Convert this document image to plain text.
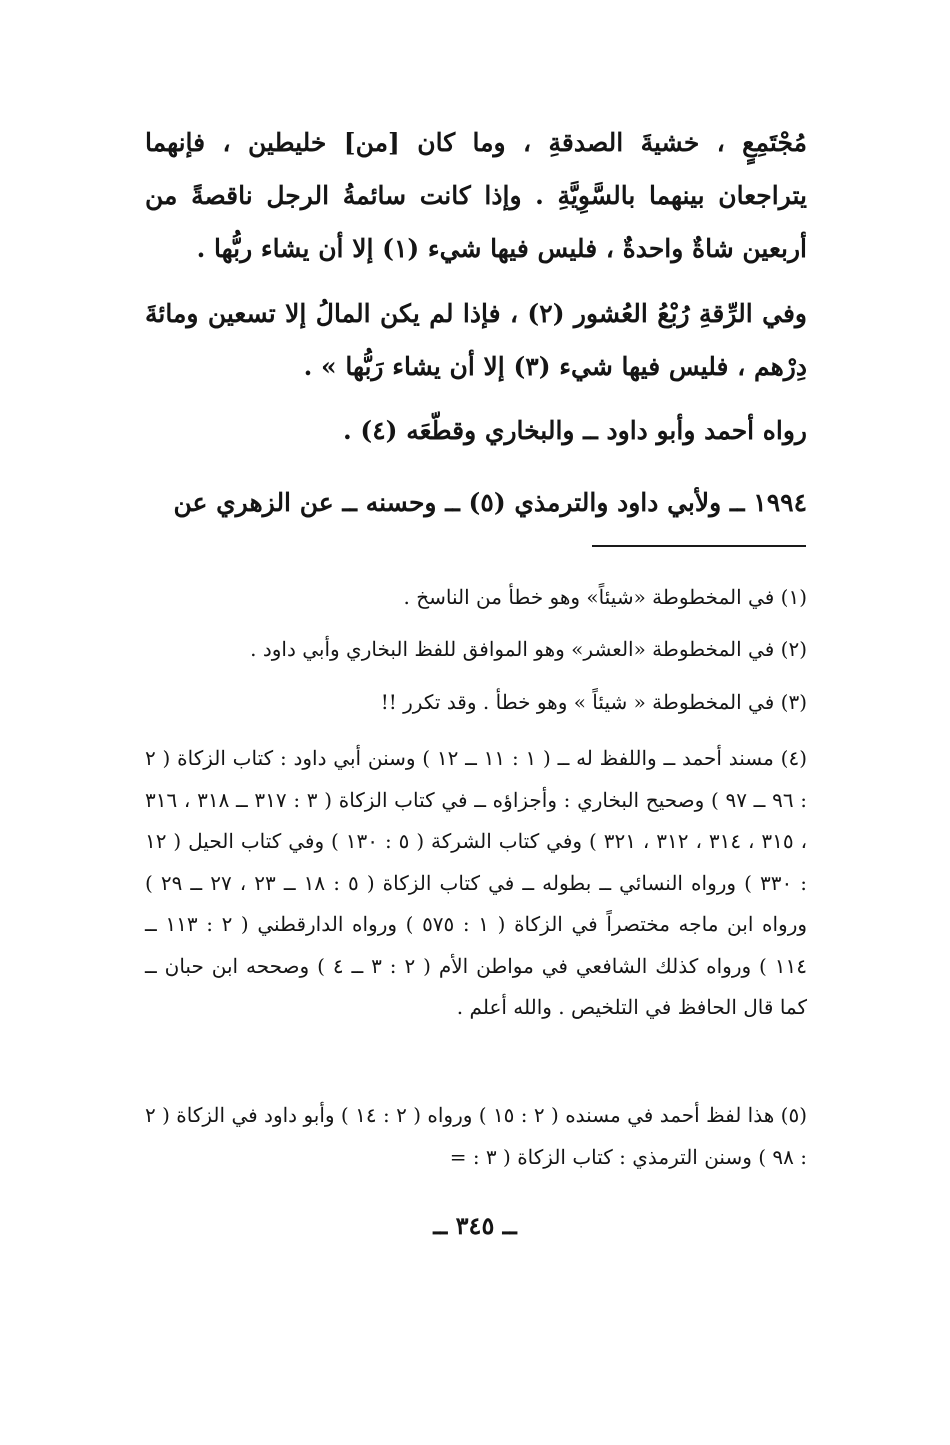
مُجْتَمِعٍ ، خشيةَ الصدقةِ ، وما كان [من] خليطين ، فإنهما يتراجعان بينهما بالسَّوِيَّةِ . وإذا كانت سائمةُ الرجل ناقصةً من أربعين شاةٌ واحدةٌ ، فليس فيها شيء (١) إلا أن يشاء ربُّها .

وفي الرِّقةِ رُبْعُ العُشور (٢) ، فإذا لم يكن المالُ إلا تسعين ومائةَ دِرْهم ، فليس فيها شيء (٣) إلا أن يشاء رَبُّها » .

رواه أحمد وأبو داود ــ والبخاري وقطّعَه (٤) .

١٩٩٤ ــ ولأبي داود والترمذي (٥) ــ وحسنه ــ عن الزهري عن

(١) في المخطوطة «شيئاً» وهو خطأ من الناسخ .

(٢) في المخطوطة «العشر» وهو الموافق للفظ البخاري وأبي داود .

(٣) في المخطوطة « شيئاً » وهو خطأ . وقد تكرر !!

(٤) مسند أحمد ــ واللفظ له ــ ( ١ : ١١ ــ ١٢ ) وسنن أبي داود : كتاب الزكاة ( ٢ : ٩٦ ــ ٩٧ ) وصحيح البخاري : وأجزاؤه ــ في كتاب الزكاة ( ٣ : ٣١٧ ــ ٣١٨ ، ٣١٦ ، ٣١٥ ، ٣١٤ ، ٣١٢ ، ٣٢١ ) وفي كتاب الشركة ( ٥ : ١٣٠ ) وفي كتاب الحيل ( ١٢ : ٣٣٠ ) ورواه النسائي ــ بطوله ــ في كتاب الزكاة ( ٥ : ١٨ ــ ٢٣ ، ٢٧ ــ ٢٩ ) ورواه ابن ماجه مختصراً في الزكاة ( ١ : ٥٧٥ ) ورواه الدارقطني ( ٢ : ١١٣ ــ ١١٤ ) ورواه كذلك الشافعي في مواطن الأم ( ٢ : ٣ ــ ٤ ) وصححه ابن حبان ــ كما قال الحافظ في التلخيص . والله أعلم .

(٥) هذا لفظ أحمد في مسنده ( ٢ : ١٥ ) ورواه ( ٢ : ١٤ ) وأبو داود في الزكاة ( ٢ : ٩٨ ) وسنن الترمذي : كتاب الزكاة ( ٣ : =

ــ ٣٤٥ ــ
